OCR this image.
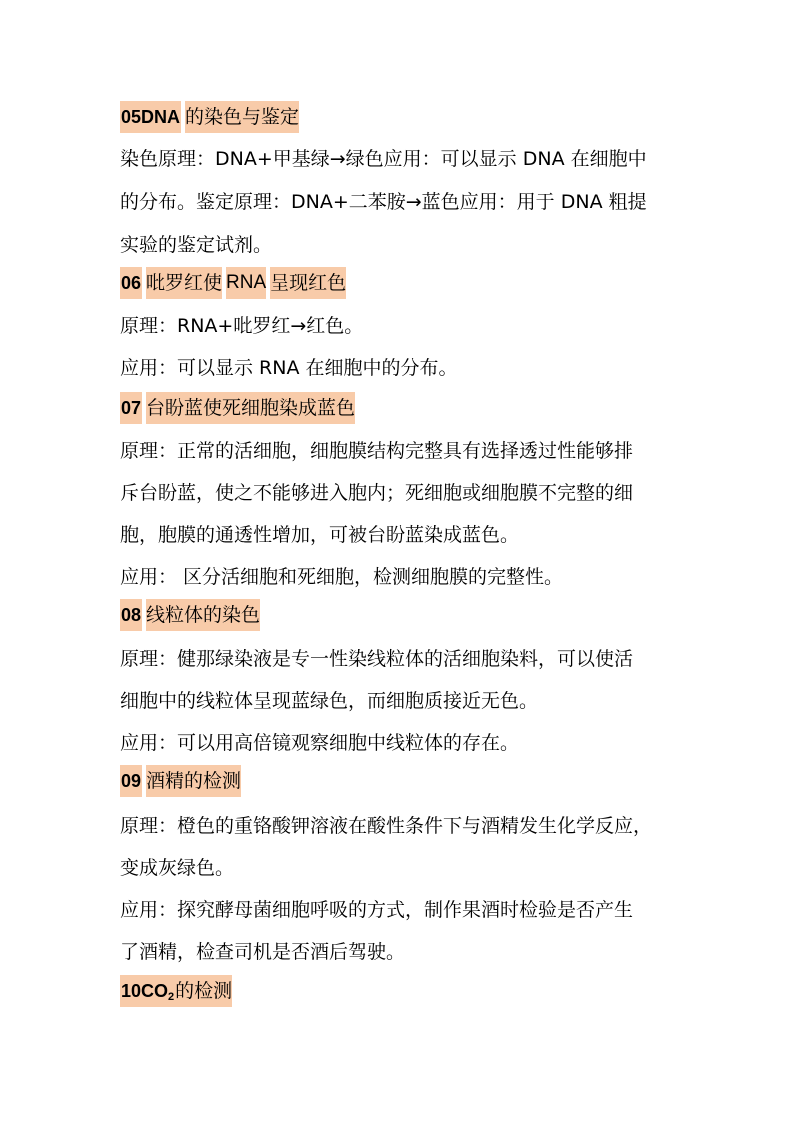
05DNA 的染色与鉴定
染色原理：DNA+甲基绿→绿色应用：可以显示 DNA 在细胞中
的分布。鉴定原理：DNA+二苯胺→蓝色应用：用于 DNA 粗提
实验的鉴定试剂。
06 吡罗红使 RNA 呈现红色
原理：RNA+吡罗红→红色。
应用：可以显示 RNA 在细胞中的分布。
07 台盼蓝使死细胞染成蓝色
原理：正常的活细胞，细胞膜结构完整具有选择透过性能够排
斥台盼蓝，使之不能够进入胞内；死细胞或细胞膜不完整的细
胞，胞膜的通透性增加，可被台盼蓝染成蓝色。
应用： 区分活细胞和死细胞，检测细胞膜的完整性。
08 线粒体的染色
原理：健那绿染液是专一性染线粒体的活细胞染料，可以使活
细胞中的线粒体呈现蓝绿色，而细胞质接近无色。
应用：可以用高倍镜观察细胞中线粒体的存在。
09 酒精的检测
原理：橙色的重铬酸钾溶液在酸性条件下与酒精发生化学反应，
变成灰绿色。
应用：探究酵母菌细胞呼吸的方式，制作果酒时检验是否产生
了酒精，检查司机是否酒后驾驶。
$10CO_2$ 的检测
